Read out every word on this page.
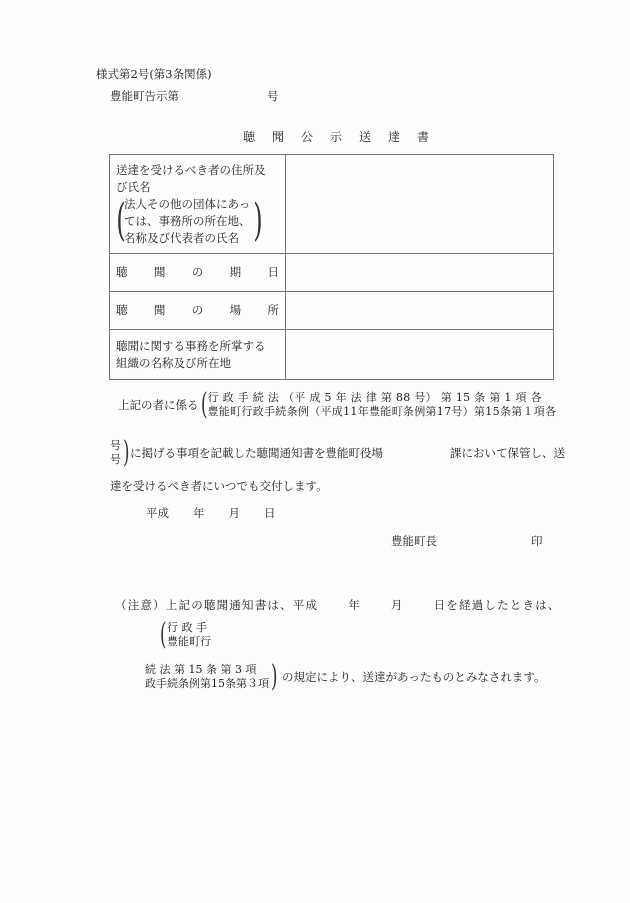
様式第2号(第3条関係)
豊能町告示第	号
聴 聞 公 示 送 達 書
送達を受けるべき者の住所及
び氏名
(
法人その他の団体にあっ
ては、事務所の所在地、
名称及び代表者の氏名 )

聴 聞 の 期 日	

聴 聞 の 場 所	

聴聞に関する事務を所掌する
組織の名称及び所在地	

上記の者に係る ( 行 政 手 続 法 （平 成 5 年 法 律 第 88 号） 第 15 条 第 1 項 各
豊能町行政手続条例（平成11年豊能町条例第17号）第15条第１項各
号
号 ) に掲げる事項を記載した聴聞通知書を豊能町役場	課において保管し、送
達を受けるべき者にいつでも交付します。
平成 年 月 日
豊能町長	印
（注意）上記の聴聞通知書は、平成	年	月	日を経過したときは、
( 行 政 手
豊能町行
続 法 第 15 条 第 3 項
政手続条例第15条第３項 ) の規定により、送達があったものとみなされます。
